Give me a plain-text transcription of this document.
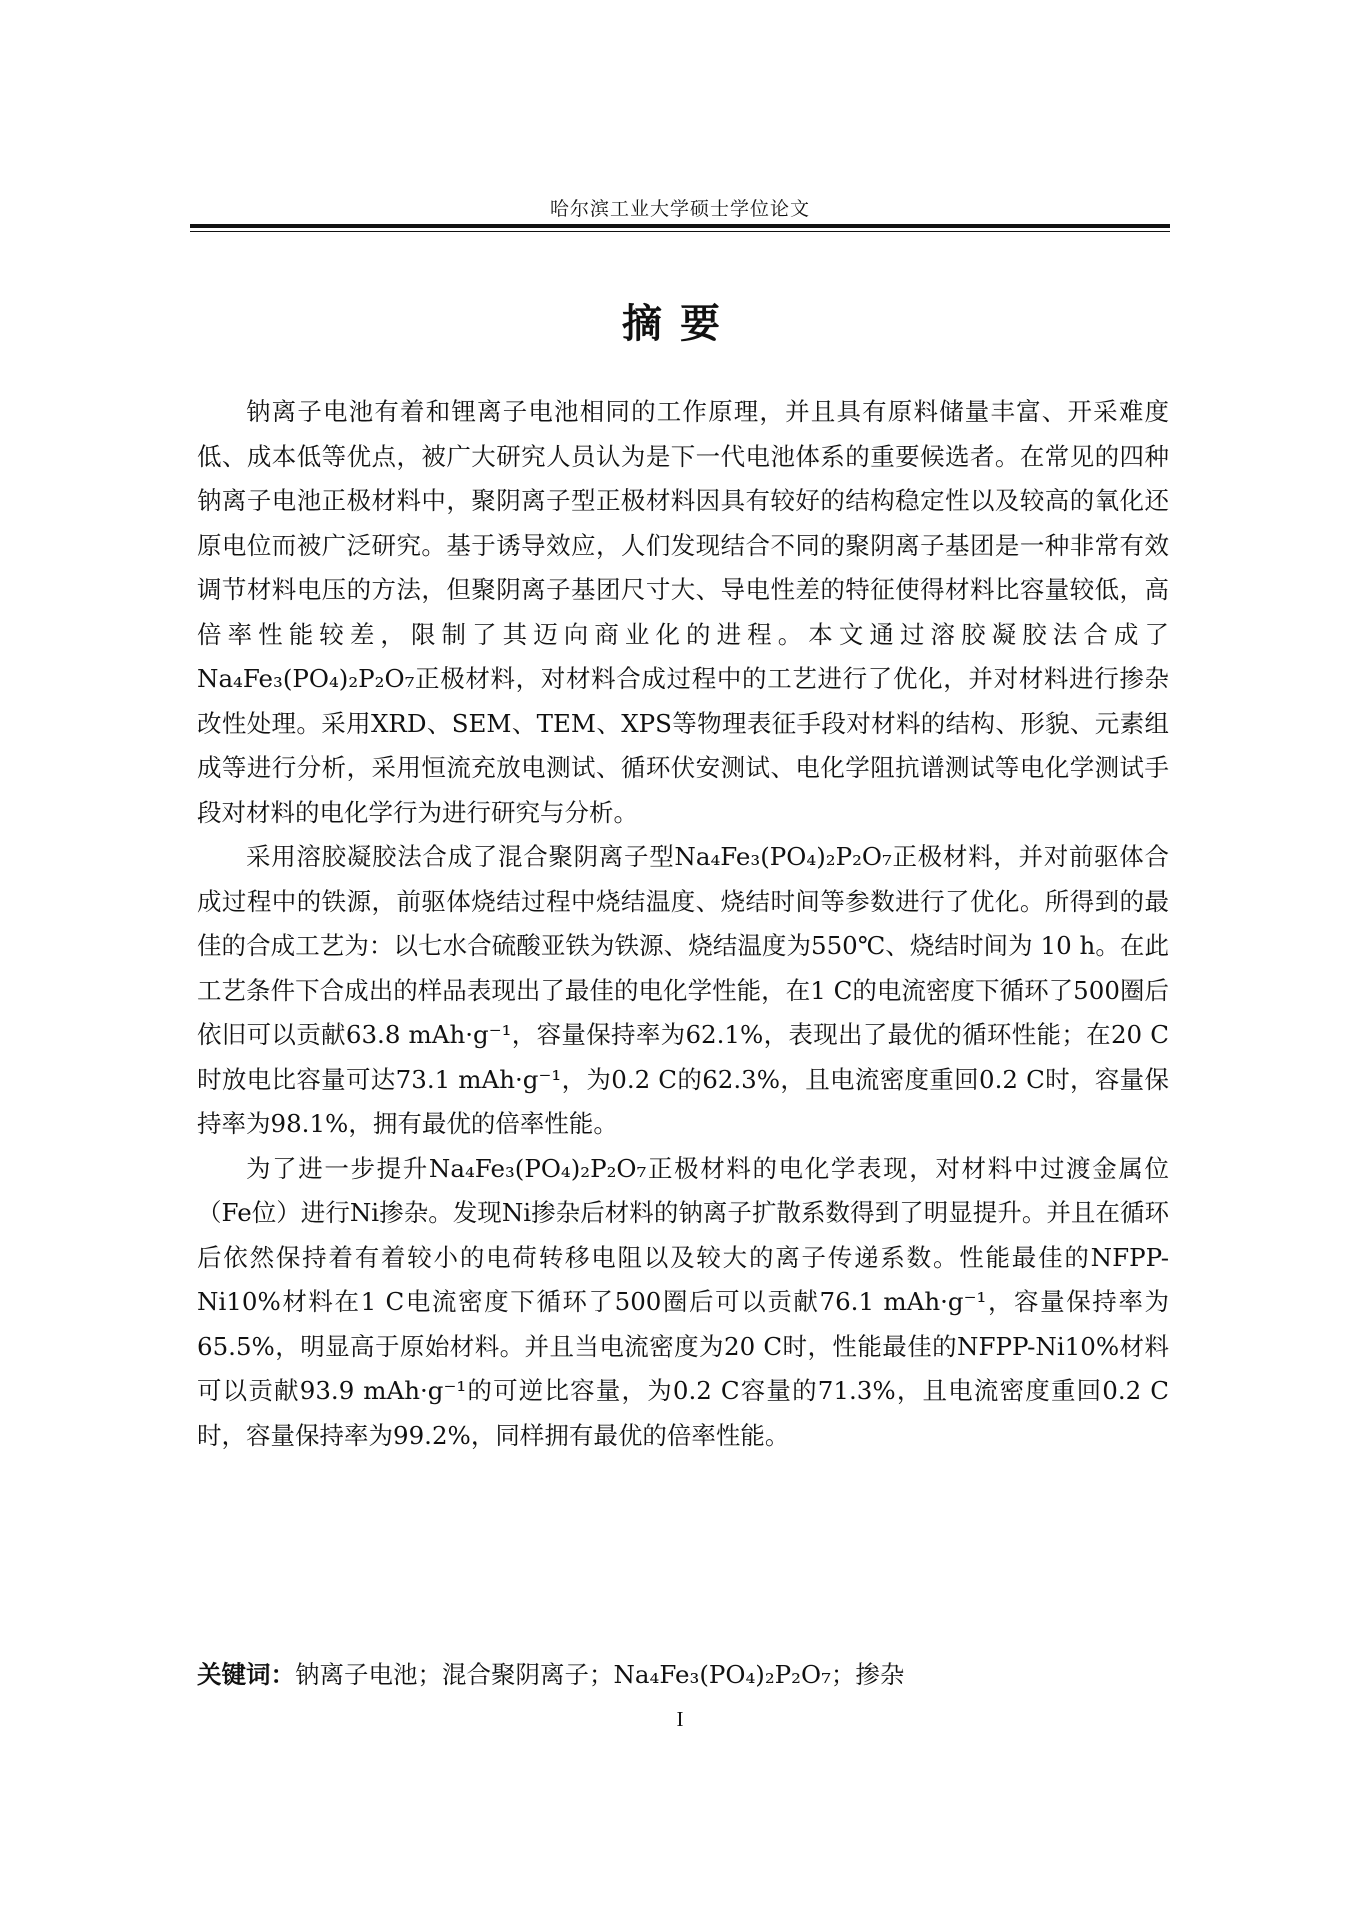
哈尔滨工业大学硕士学位论文
摘要

钠离子电池有着和锂离子电池相同的工作原理，并且具有原料储量丰富、开采难度低、成本低等优点，被广大研究人员认为是下一代电池体系的重要候选者。在常见的四种钠离子电池正极材料中，聚阴离子型正极材料因具有较好的结构稳定性以及较高的氧化还原电位而被广泛研究。基于诱导效应，人们发现结合不同的聚阴离子基团是一种非常有效调节材料电压的方法，但聚阴离子基团尺寸大、导电性差的特征使得材料比容量较低，高倍率性能较差，限制了其迈向商业化的进程。本文通过溶胶凝胶法合成了Na₄Fe₃(PO₄)₂P₂O₇正极材料，对材料合成过程中的工艺进行了优化，并对材料进行掺杂改性处理。采用XRD、SEM、TEM、XPS等物理表征手段对材料的结构、形貌、元素组成等进行分析，采用恒流充放电测试、循环伏安测试、电化学阻抗谱测试等电化学测试手段对材料的电化学行为进行研究与分析。

采用溶胶凝胶法合成了混合聚阴离子型Na₄Fe₃(PO₄)₂P₂O₇正极材料，并对前驱体合成过程中的铁源，前驱体烧结过程中烧结温度、烧结时间等参数进行了优化。所得到的最佳的合成工艺为：以七水合硫酸亚铁为铁源、烧结温度为550℃、烧结时间为 10 h。在此工艺条件下合成出的样品表现出了最佳的电化学性能，在1 C的电流密度下循环了500圈后依旧可以贡献63.8 mAh·g⁻¹，容量保持率为62.1%，表现出了最优的循环性能；在20 C时放电比容量可达73.1 mAh·g⁻¹，为0.2 C的62.3%，且电流密度重回0.2 C时，容量保持率为98.1%，拥有最优的倍率性能。

为了进一步提升Na₄Fe₃(PO₄)₂P₂O₇正极材料的电化学表现，对材料中过渡金属位（Fe位）进行Ni掺杂。发现Ni掺杂后材料的钠离子扩散系数得到了明显提升。并且在循环后依然保持着有着较小的电荷转移电阻以及较大的离子传递系数。性能最佳的NFPP-Ni10%材料在1 C电流密度下循环了500圈后可以贡献76.1 mAh·g⁻¹，容量保持率为65.5%，明显高于原始材料。并且当电流密度为20 C时，性能最佳的NFPP-Ni10%材料可以贡献93.9 mAh·g⁻¹的可逆比容量，为0.2 C容量的71.3%，且电流密度重回0.2 C时，容量保持率为99.2%，同样拥有最优的倍率性能。

关键词：钠离子电池；混合聚阴离子；Na₄Fe₃(PO₄)₂P₂O₇；掺杂
I
